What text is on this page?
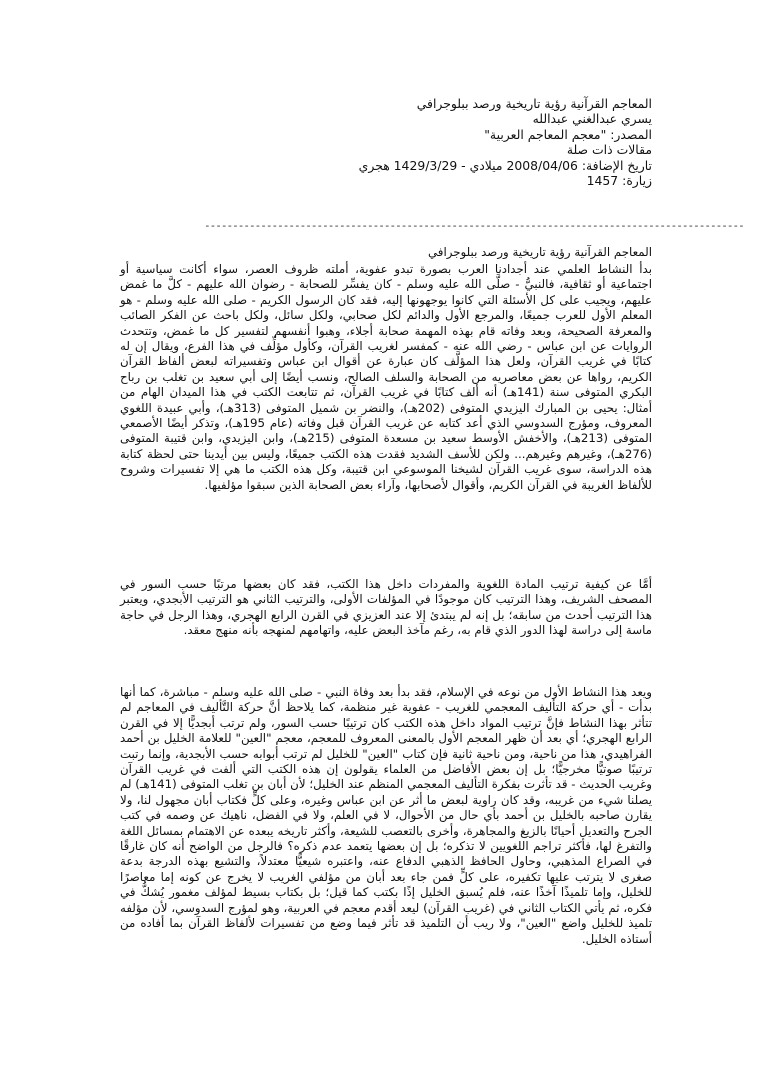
المعاجم القرآنية رؤية تاريخية ورصد ببلوجرافي
يسري عبدالغني عبدالله
المصدر: "معجم المعاجم العربية"
مقالات ذات صلة
تاريخ الإضافة: 2008/04/06 ميلادي - 1429/3/29 هجري
زيارة: 1457
------------------------------------------------------------------------------------------------
المعاجم القرآنية رؤية تاريخية ورصد ببلوجرافي
بدأ النشاط العلمي عند أجدادنا العرب بصورة تبدو عفوية، أملته ظروف العصر، سواء أكانت سياسية أو اجتماعية أو ثقافية، فالنبيُّ - صلَّى الله عليه وسلم - كان يفسِّر للصحابة - رضوان الله عليهم - كلَّ ما غمض عليهم، ويجيب على كل الأسئلة التي كانوا يوجهونها إليه، فقد كان الرسول الكريم - صلى الله عليه وسلم - هو المعلم الأول للعرب جميعًا، والمرجع الأول والدائم لكل صحابي، ولكل سائل، ولكل باحث عن الفكر الصائب والمعرفة الصحيحة، وبعد وفاته قام بهذه المهمة صحابة أجلاء، وهبوا أنفسهم لتفسير كل ما غمض، وتتحدث الروايات عن ابن عباس - رضي الله عنه - كمفسر لغريب القرآن، وكأول مؤلِّف في هذا الفرع، ويقال إن له كتابًا في غريب القرآن، ولعل هذا المؤلَّف كان عبارة عن أقوال ابن عباس وتفسيراته لبعض ألفاظ القرآن الكريم، رواها عن بعض معاصريه من الصحابة والسلف الصالح، ونسب أيضًا إلى أبي سعيد بن تغلب بن رباح البكري المتوفى سنة (141هـ) أنه ألف كتابًا في غريب القرآن، ثم تتابعت الكتب في هذا الميدان الهام من أمثال: يحيى بن المبارك اليزيدي المتوفى (202هـ)، والنضر بن شميل المتوفى (313هـ)، وأبي عبيدة اللغوي المعروف، ومؤرج السدوسي الذي أعد كتابه عن غريب القرآن قبل وفاته (عام 195هـ)، وتذكر أيضًا الأصمعي المتوفى (213هـ)، والأخفش الأوسط سعيد بن مسعدة المتوفى (215هـ)، وابن اليزيدي، وابن قتيبة المتوفى (276هـ)، وغيرهم وغيرهم... ولكن للأسف الشديد فقدت هذه الكتب جميعًا، وليس بين أيدينا حتى لحظة كتابة هذه الدراسة، سوى غريب القرآن لشيخنا الموسوعي ابن قتيبة، وكل هذه الكتب ما هي إلا تفسيرات وشروح للألفاظ الغريبة في القرآن الكريم، وأقوال لأصحابها، وآراء بعض الصحابة الذين سبقوا مؤلفيها.
أمَّا عن كيفية ترتيب المادة اللغوية والمفردات داخل هذا الكتب، فقد كان بعضها مرتبًا حسب السور في المصحف الشريف، وهذا الترتيب كان موجودًا في المؤلفات الأولى، والترتيب الثاني هو الترتيب الأبجدي، ويعتبر هذا الترتيب أحدث من سابقه؛ بل إنه لم يبتدئ إلا عند العزيزي في القرن الرابع الهجري، وهذا الرجل في حاجة ماسة إلى دراسة لهذا الدور الذي قام به، رغم مآخذ البعض عليه، واتهامهم لمنهجه بأنه منهج معقد.
ويعد هذا النشاط الأول من نوعه في الإسلام، فقد بدأ بعد وفاة النبي - صلى الله عليه وسلم - مباشرة، كما أنها بدأت - أي حركة التأليف المعجمي للغريب - عفوية غير منظمة، كما يلاحظ أنَّ حركة التَّأليف في المعاجم لم تتأثر بهذا النشاط فإنَّ ترتيب المواد داخل هذه الكتب كان ترتيبًا حسب السور، ولم ترتب أبجديًّا إلا في القرن الرابع الهجري؛ أي بعد أن ظهر المعجم الأول بالمعنى المعروف للمعجم، معجم "العين" للعلامة الخليل بن أحمد الفراهيدي، هذا من ناحية، ومن ناحية ثانية فإن كتاب "العين" للخليل لم ترتب أبوابه حسب الأبجدية، وإنما رتبت ترتيبًا صوتيًّا مخرجيًّا؛ بل إن بعض الأفاضل من العلماء يقولون إن هذه الكتب التي ألفت في غريب القرآن وغريب الحديث - قد تأثرت بفكرة التأليف المعجمي المنظم عند الخليل؛ لأن أبان بن تغلب المتوفى (141هـ) لم يصلنا شيء من غريبه، وقد كان راوية لبعض ما أثر عن ابن عباس وغيره، وعلى كلٍّ فكتاب أبان مجهول لنا، ولا يقارن صاحبه بالخليل بن أحمد بأي حال من الأحوال، لا في العلم، ولا في الفضل، ناهيك عن وصمه في كتب الجرح والتعديل أحيانًا بالزيغ والمجاهرة، وأخرى بالتعصب للشيعة، وأكثر تاريخه يبعده عن الاهتمام بمسائل اللغة والتفرغ لها، فأكثر تراجم اللغويين لا تذكره؛ بل إن بعضها يتعمد عدم ذكره؟ فالرجل من الواضح أنه كان غارقًا في الصراع المذهبي، وحاول الحافظ الذهبي الدفاع عنه، واعتبره شيعيًّا معتدلاً، والتشيع بهذه الدرجة بدعة صغرى لا يترتب عليها تكفيره، على كلٍّ فمن جاء بعد أبان من مؤلفي الغريب لا يخرج عن كونه إما معاصرًا للخليل، وإما تلميذًا آخذًا عنه، فلم يُسبق الخليل إذًا بكتب كما قيل؛ بل بكتاب بسيط لمؤلف مغمور يُشكُّ في فكره، ثم يأتي الكتاب الثاني في (غريب القرآن) ليعد أقدم معجم في العربية، وهو لمؤرج السدوسي، لأن مؤلفه تلميذ للخليل واضع "العين"، ولا ريب أن التلميذ قد تأثر فيما وضع من تفسيرات لألفاظ القرآن بما أفاده من أستاذه الخليل.
